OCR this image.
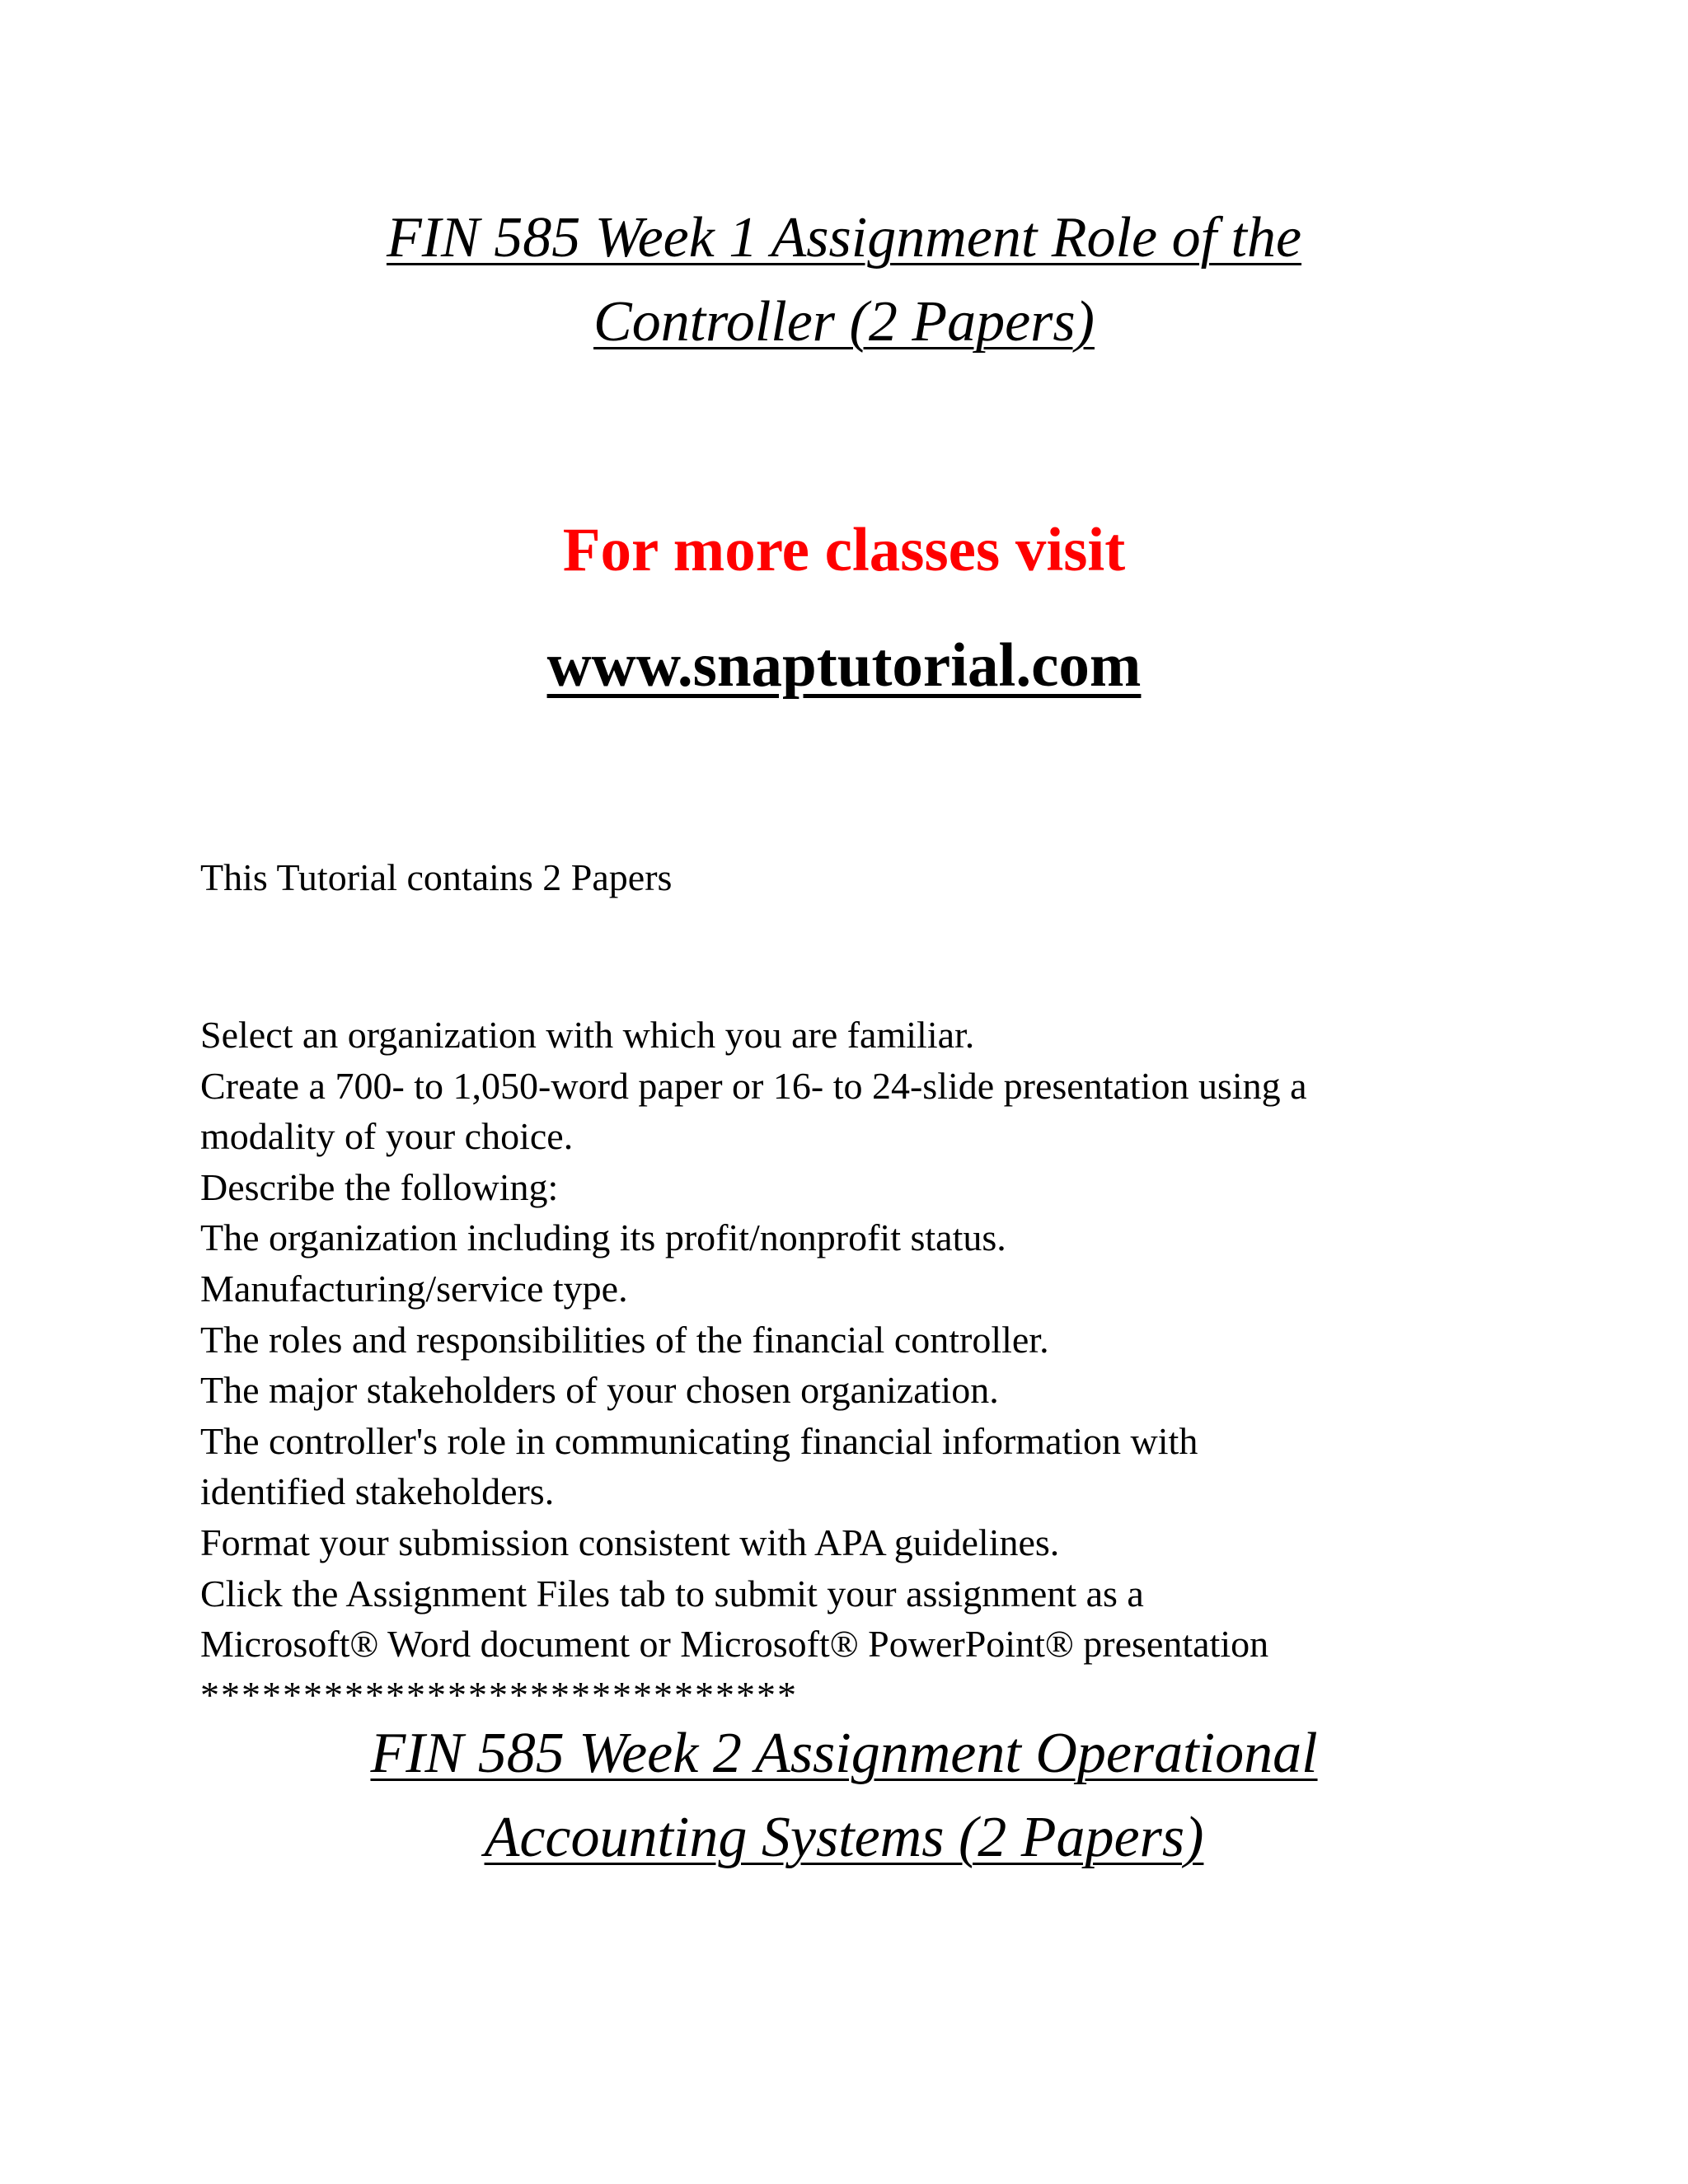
FIN 585 Week 1 Assignment Role of the
Controller (2 Papers)

For more classes visit

www.snaptutorial.com

This Tutorial contains 2 Papers

Select an organization with which you are familiar.
Create a 700- to 1,050-word paper or 16- to 24-slide presentation using a
modality of your choice.
Describe the following:
The organization including its profit/nonprofit status.
Manufacturing/service type.
The roles and responsibilities of the financial controller.
The major stakeholders of your chosen organization.
The controller's role in communicating financial information with
identified stakeholders.
Format your submission consistent with APA guidelines.
Click the Assignment Files tab to submit your assignment as a
Microsoft® Word document or Microsoft® PowerPoint® presentation
*****************************
FIN 585 Week 2 Assignment Operational
Accounting Systems (2 Papers)
